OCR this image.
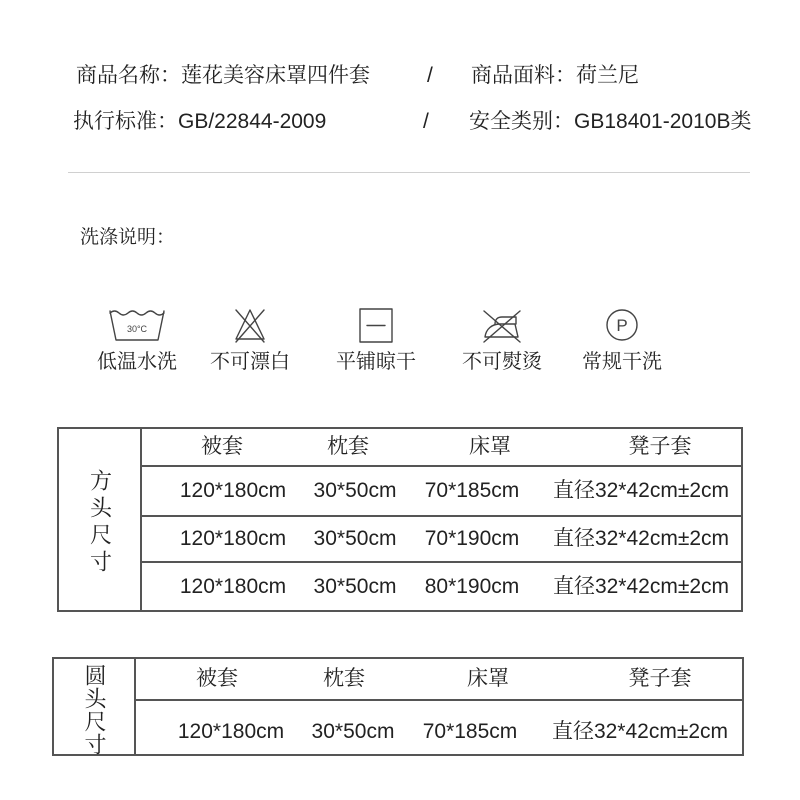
商品名称：莲花美容床罩四件套	/ 商品面料：荷兰尼
执行标准：GB/22844-2009	/ 安全类别：GB18401-2010B类
洗涤说明：
30°C
低温水洗	不可漂白	平铺晾干	不可熨烫
P
常规干洗
方头尺寸
被套	枕套	床罩	凳子套
120*180cm 30*50cm 70*185cm 直径32*42cm±2cm
120*180cm 30*50cm 70*190cm 直径32*42cm±2cm
120*180cm 30*50cm 80*190cm 直径32*42cm±2cm
圆头尺寸	被套	枕套	床罩	凳子套
120*180cm 30*50cm 70*185cm 直径32*42cm±2cm
